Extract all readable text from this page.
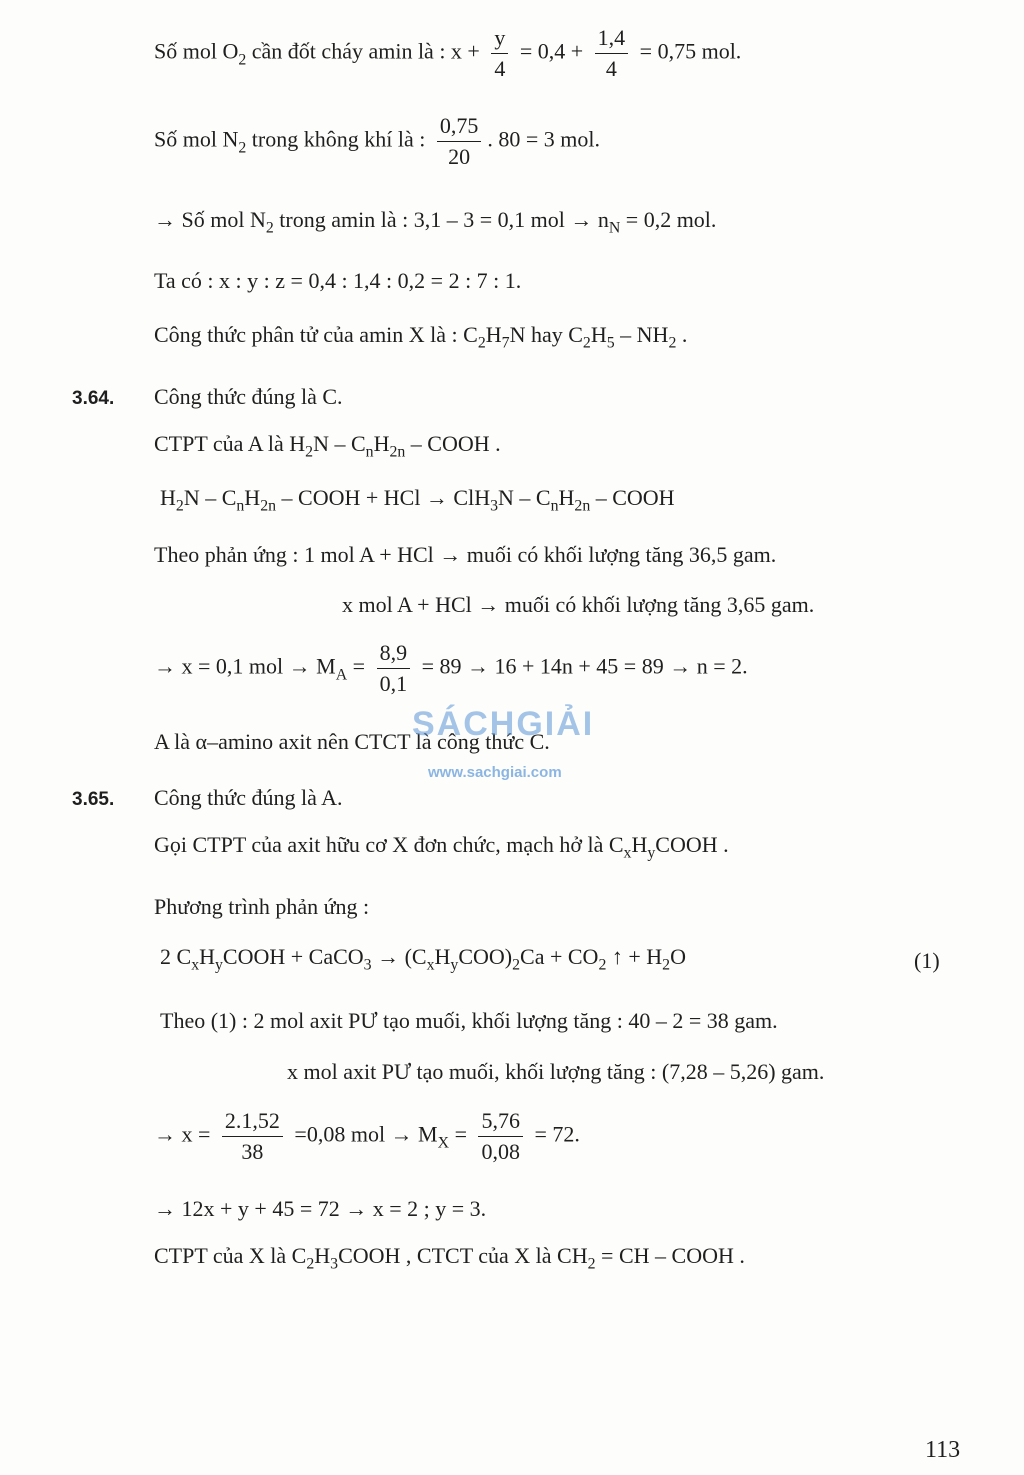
Số mol $O_2$ cần đốt cháy amin là : $x + \frac{y}{4} = 0,4 + \frac{1,4}{4} = 0,75$ mol.
Số mol $N_2$ trong không khí là : $\frac{0,75}{20}$ . 80 = 3 mol.
→ Số mol $N_2$ trong amin là : 3,1 – 3 = 0,1 mol → $n_N = 0,2$ mol.
Ta có : x : y : z = 0,4 : 1,4 : 0,2 = 2 : 7 : 1.
Công thức phân tử của amin X là : $C_2H_7N$ hay $C_2H_5 - NH_2$ .
3.64. Công thức đúng là C.
CTPT của A là $H_2N - C_nH_{2n}$ – COOH .
$H_2N - C_nH_{2n}$ – COOH + HCl → $ClH_3N - C_nH_{2n}$ – COOH
Theo phản ứng : 1 mol A + HCl → muối có khối lượng tăng 36,5 gam.
x mol A + HCl → muối có khối lượng tăng 3,65 gam.
→ x = 0,1 mol → $M_A = \frac{8,9}{0,1} = 89 \to 16 + 14n + 45 = 89 \to n = 2$.
A là α–amino axit nên CTCT là công thức C.
3.65. Công thức đúng là A.
Gọi CTPT của axit hữu cơ X đơn chức, mạch hở là $C_xH_yCOOH$ .
Phương trình phản ứng :
2 $C_xH_yCOOH$ + CaCO$_3$ → $(C_xH_yCOO)_2Ca + CO_2$ ↑ + $H_2O$	(1)
Theo (1) : 2 mol axit PƯ tạo muối, khối lượng tăng : 40 – 2 = 38 gam.
x mol axit PƯ tạo muối, khối lượng tăng : (7,28 – 5,26) gam.
→ $x = \frac{2.1,52}{38} =0,08$ mol → $M_X = \frac{5,76}{0,08} = 72$.
→ 12x + y + 45 = 72 → x = 2 ; y = 3.
CTPT của X là $C_2H_3COOH$ , CTCT của X là $CH_2$ = CH – COOH .
113
SÁCHGIẢI
www.sachgiai.com
